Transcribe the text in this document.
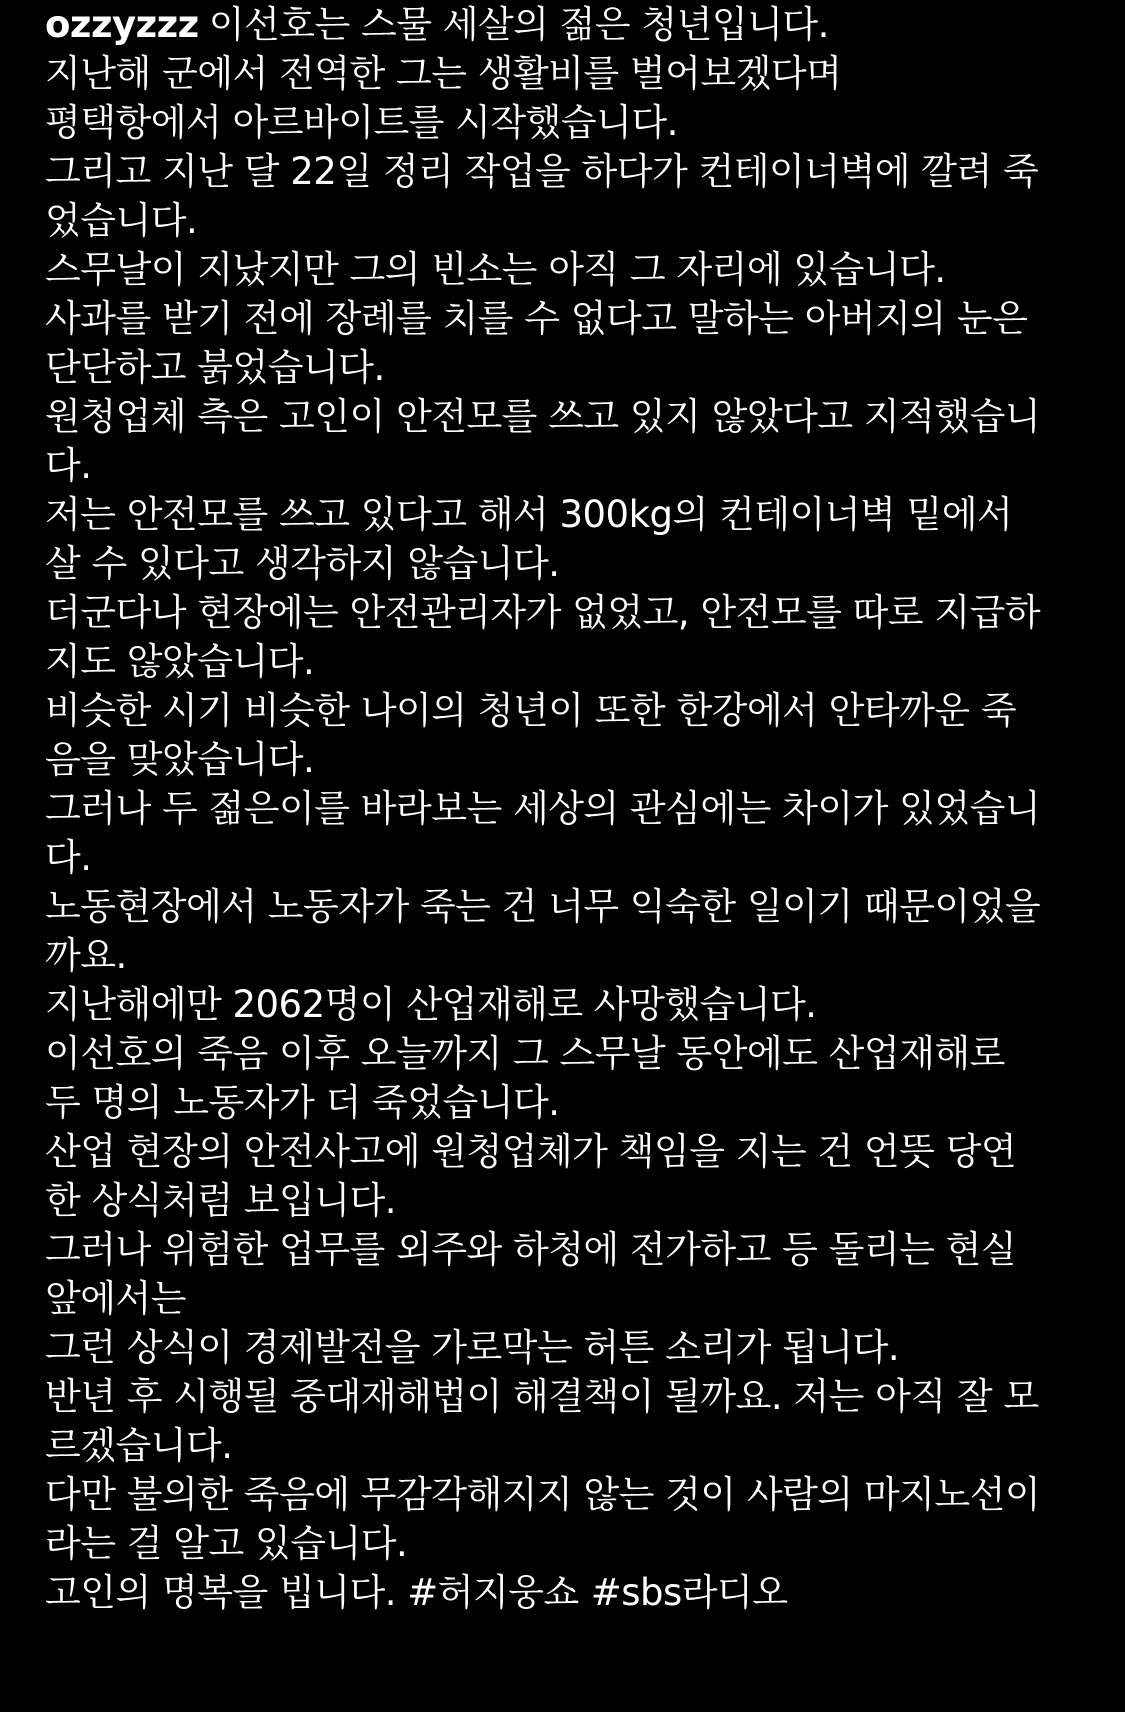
ozzyzzz 이선호는 스물 세살의 젊은 청년입니다.
지난해 군에서 전역한 그는 생활비를 벌어보겠다며
평택항에서 아르바이트를 시작했습니다.
그리고 지난 달 22일 정리 작업을 하다가 컨테이너벽에 깔려 죽
었습니다.
스무날이 지났지만 그의 빈소는 아직 그 자리에 있습니다.
사과를 받기 전에 장례를 치를 수 없다고 말하는 아버지의 눈은
단단하고 붉었습니다.
원청업체 측은 고인이 안전모를 쓰고 있지 않았다고 지적했습니
다.
저는 안전모를 쓰고 있다고 해서 300kg의 컨테이너벽 밑에서
살 수 있다고 생각하지 않습니다.
더군다나 현장에는 안전관리자가 없었고, 안전모를 따로 지급하
지도 않았습니다.
비슷한 시기 비슷한 나이의 청년이 또한 한강에서 안타까운 죽
음을 맞았습니다.
그러나 두 젊은이를 바라보는 세상의 관심에는 차이가 있었습니
다.
노동현장에서 노동자가 죽는 건 너무 익숙한 일이기 때문이었을
까요.
지난해에만 2062명이 산업재해로 사망했습니다.
이선호의 죽음 이후 오늘까지 그 스무날 동안에도 산업재해로
두 명의 노동자가 더 죽었습니다.
산업 현장의 안전사고에 원청업체가 책임을 지는 건 언뜻 당연
한 상식처럼 보입니다.
그러나 위험한 업무를 외주와 하청에 전가하고 등 돌리는 현실
앞에서는
그런 상식이 경제발전을 가로막는 허튼 소리가 됩니다.
반년 후 시행될 중대재해법이 해결책이 될까요. 저는 아직 잘 모
르겠습니다.
다만 불의한 죽음에 무감각해지지 않는 것이 사람의 마지노선이
라는 걸 알고 있습니다.
고인의 명복을 빕니다. #허지웅쇼 #sbs라디오
